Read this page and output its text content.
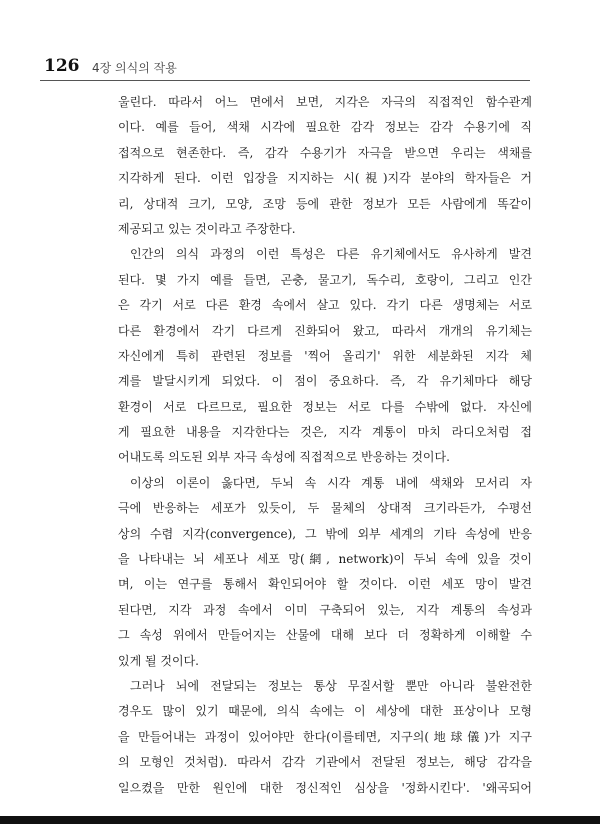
126 4장 의식의 작용
울린다. 따라서 어느 면에서 보면, 지각은 자극의 직접적인 함수관계
이다. 예를 들어, 색채 시각에 필요한 감각 정보는 감각 수용기에 직
접적으로 현존한다. 즉, 감각 수용기가 자극을 받으면 우리는 색채를
지각하게 된다. 이런 입장을 지지하는 시(視)지각 분야의 학자들은 거
리, 상대적 크기, 모양, 조망 등에 관한 정보가 모든 사람에게 똑같이
제공되고 있는 것이라고 주장한다.
인간의 의식 과정의 이런 특성은 다른 유기체에서도 유사하게 발견
된다. 몇 가지 예를 들면, 곤충, 물고기, 독수리, 호랑이, 그리고 인간
은 각기 서로 다른 환경 속에서 살고 있다. 각기 다른 생명체는 서로
다른 환경에서 각기 다르게 진화되어 왔고, 따라서 개개의 유기체는
자신에게 특히 관련된 정보를 '찍어 올리기' 위한 세분화된 지각 체
계를 발달시키게 되었다. 이 점이 중요하다. 즉, 각 유기체마다 해당
환경이 서로 다르므로, 필요한 정보는 서로 다를 수밖에 없다. 자신에
게 필요한 내용을 지각한다는 것은, 지각 계통이 마치 라디오처럼 접
어내도록 의도된 외부 자극 속성에 직접적으로 반응하는 것이다.
이상의 이론이 옳다면, 두뇌 속 시각 계통 내에 색채와 모서리 자
극에 반응하는 세포가 있듯이, 두 물체의 상대적 크기라든가, 수평선
상의 수렴 지각(convergence), 그 밖에 외부 세계의 기타 속성에 반응
을 나타내는 뇌 세포나 세포 망(網, network)이 두뇌 속에 있을 것이
며, 이는 연구를 통해서 확인되어야 할 것이다. 이런 세포 망이 발견
된다면, 지각 과정 속에서 이미 구축되어 있는, 지각 계통의 속성과
그 속성 위에서 만들어지는 산물에 대해 보다 더 정확하게 이해할 수
있게 될 것이다.
그러나 뇌에 전달되는 정보는 통상 무질서할 뿐만 아니라 불완전한
경우도 많이 있기 때문에, 의식 속에는 이 세상에 대한 표상이나 모형
을 만들어내는 과정이 있어야만 한다(이를테면, 지구의(地球儀)가 지구
의 모형인 것처럼). 따라서 감각 기관에서 전달된 정보는, 해당 감각을
일으켰을 만한 원인에 대한 정신적인 심상을 '정화시킨다'. '왜곡되어
